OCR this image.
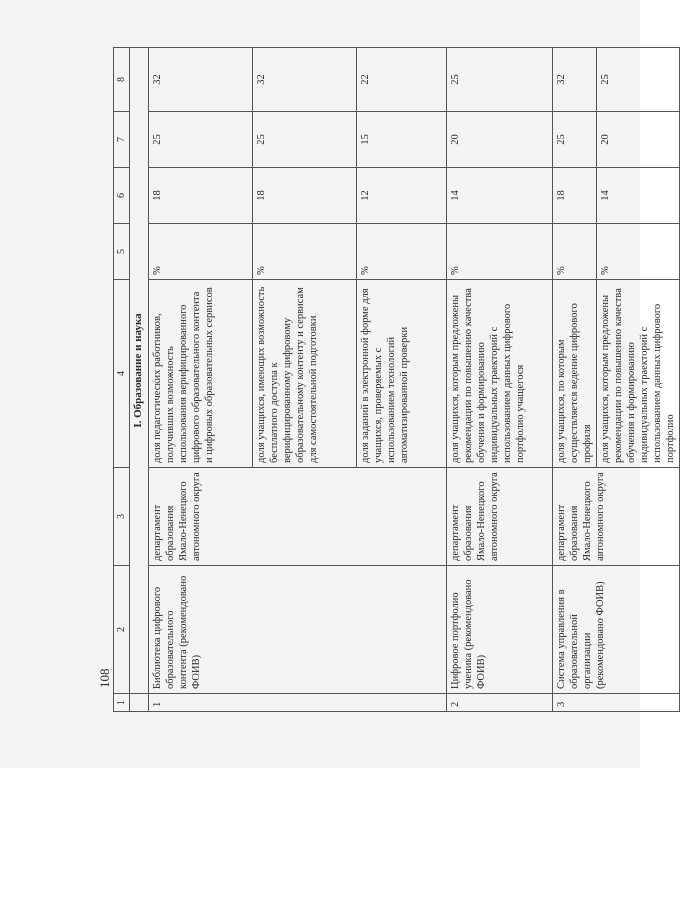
108
1	2	3	4	5	6	7	8
	I. Образование и наука						
1	Библиотека цифрового образовательного контента (рекомендовано ФОИВ)	департамент образования Ямало-Ненецкого автономного округа	доля педагогических работников, получивших возможность использования верифицированного цифрового образовательного контента и цифровых образовательных сервисов	%	18	25	32
			доля учащихся, имеющих возможность бесплатного доступа к верифицированному цифровому образовательному контенту и сервисам для самостоятельной подготовки	%	18	25	32
			доля заданий в электронной форме для учащихся, проверяемых с использованием технологий автоматизированной проверки	%	12	15	22
2	Цифровое портфолио ученика (рекомендовано ФОИВ)	департамент образования Ямало-Ненецкого автономного округа	доля учащихся, которым предложены рекомендации по повышению качества обучения и формированию индивидуальных траекторий с использованием данных цифрового портфолио учащегося	%	14	20	25
3	Система управления в образовательной организации (рекомендовано ФОИВ)	департамент образования Ямало-Ненецкого автономного округа	доля учащихся, по которым осуществляется ведение цифрового профиля	%	18	25	32
			доля учащихся, которым предложены рекомендации по повышению качества обучения и формированию индивидуальных траекторий с использованием данных цифрового портфолио	%	14	20	25
